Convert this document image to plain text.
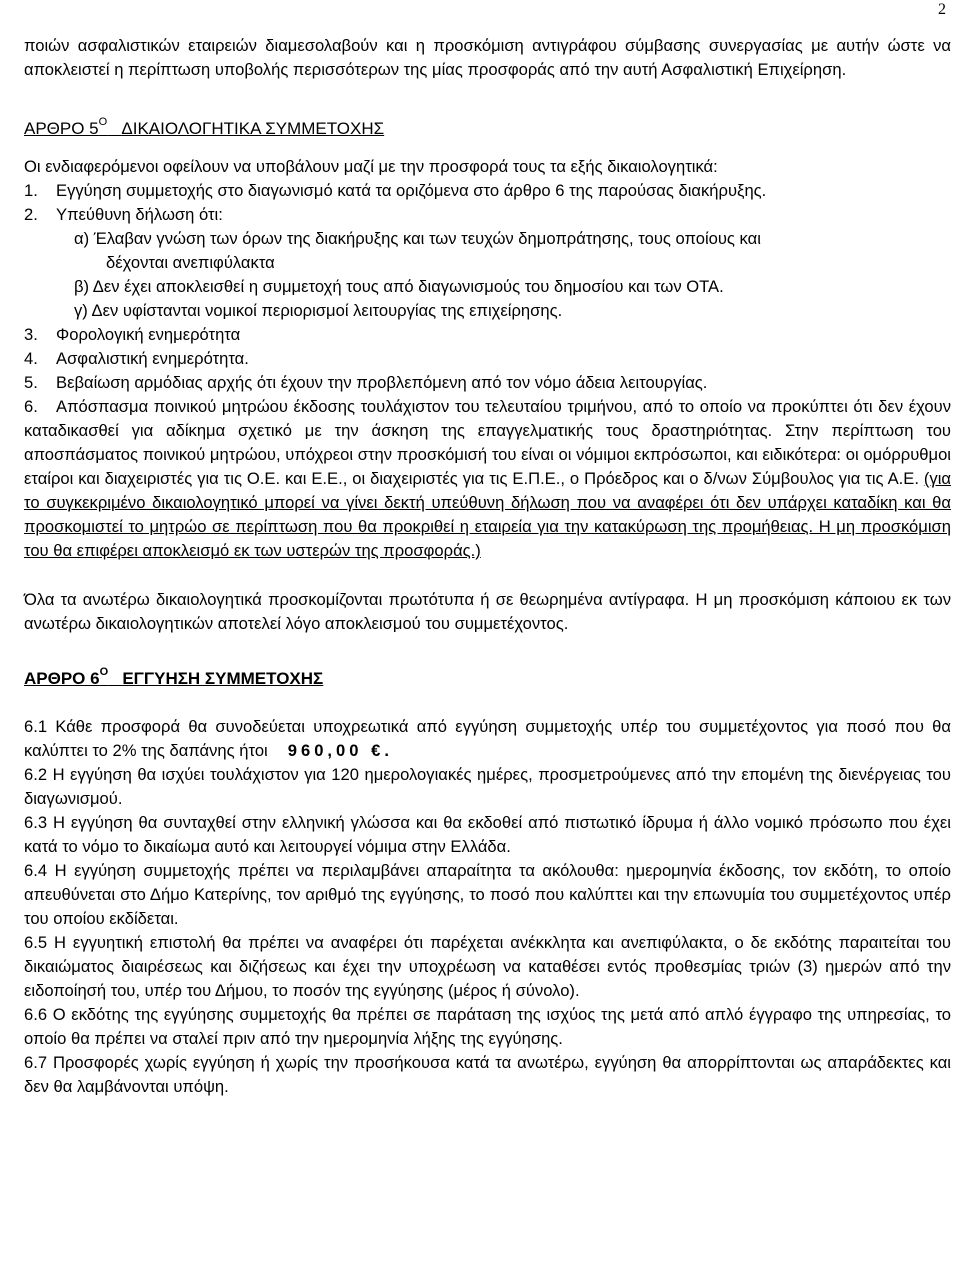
2

ποιών ασφαλιστικών εταιρειών διαμεσολαβούν και η προσκόμιση αντιγράφου σύμβασης συνεργασίας με αυτήν ώστε να αποκλειστεί η περίπτωση υποβολής περισσότερων της μίας προσφοράς από την αυτή Ασφαλιστική Επιχείρηση.

ΑΡΘΡΟ $5^O$ ΔΙΚΑΙΟΛΟΓΗΤΙΚΑ ΣΥΜΜΕΤΟΧΗΣ

Οι ενδιαφερόμενοι οφείλουν να υποβάλουν μαζί με την προσφορά τους τα εξής δικαιολογητικά:

1.	Εγγύηση συμμετοχής στο διαγωνισμό κατά τα οριζόμενα στο άρθρο 6 της παρούσας διακήρυξης.
2.	Υπεύθυνη δήλωση ότι:

α) Έλαβαν γνώση των όρων της διακήρυξης και των τευχών δημοπράτησης, τους οποίους και

δέχονται ανεπιφύλακτα

β) Δεν έχει αποκλεισθεί η συμμετοχή τους από διαγωνισμούς του δημοσίου και των ΟΤΑ.

γ) Δεν υφίστανται νομικοί περιορισμοί λειτουργίας της επιχείρησης.

3.	Φορολογική ενημερότητα
4.	Ασφαλιστική ενημερότητα.
5.	Βεβαίωση αρμόδιας αρχής ότι έχουν την προβλεπόμενη από τον νόμο άδεια λειτουργίας.

6. Απόσπασμα ποινικού μητρώου έκδοσης τουλάχιστον του τελευταίου τριμήνου, από το οποίο να προκύπτει ότι δεν έχουν καταδικασθεί για αδίκημα σχετικό με την άσκηση της επαγγελματικής τους δραστηριότητας. Στην περίπτωση του αποσπάσματος ποινικού μητρώου, υπόχρεοι στην προσκόμισή του είναι οι νόμιμοι εκπρόσωποι, και ειδικότερα: οι ομόρρυθμοι εταίροι και διαχειριστές για τις Ο.Ε. και Ε.Ε., οι διαχειριστές για τις Ε.Π.Ε., ο Πρόεδρος και ο δ/νων Σύμβουλος για τις Α.Ε. (για το συγκεκριμένο δικαιολογητικό μπορεί να γίνει δεκτή υπεύθυνη δήλωση που να αναφέρει ότι δεν υπάρχει καταδίκη και θα προσκομιστεί το μητρώο σε περίπτωση που θα προκριθεί η εταιρεία για την κατακύρωση της προμήθειας. Η μη προσκόμιση του θα επιφέρει αποκλεισμό εκ των υστερών της προσφοράς.)

Όλα τα ανωτέρω δικαιολογητικά προσκομίζονται πρωτότυπα ή σε θεωρημένα αντίγραφα. Η μη προσκόμιση κάποιου εκ των ανωτέρω δικαιολογητικών αποτελεί λόγο αποκλεισμού του συμμετέχοντος.

ΑΡΘΡΟ $6^O$ ΕΓΓΥΗΣΗ ΣΥΜΜΕΤΟΧΗΣ

6.1 Κάθε προσφορά θα συνοδεύεται υποχρεωτικά από εγγύηση συμμετοχής υπέρ του συμμετέχοντος για ποσό που θα καλύπτει το 2% της δαπάνης ήτοι 960,00 €.

6.2 Η εγγύηση θα ισχύει τουλάχιστον για 120 ημερολογιακές ημέρες, προσμετρούμενες από την επομένη της διενέργειας του διαγωνισμού.

6.3 Η εγγύηση θα συνταχθεί στην ελληνική γλώσσα και θα εκδοθεί από πιστωτικό ίδρυμα ή άλλο νομικό πρόσωπο που έχει κατά το νόμο το δικαίωμα αυτό και λειτουργεί νόμιμα στην Ελλάδα.

6.4 Η εγγύηση συμμετοχής πρέπει να περιλαμβάνει απαραίτητα τα ακόλουθα: ημερομηνία έκδοσης, τον εκδότη, το οποίο απευθύνεται στο Δήμο Κατερίνης, τον αριθμό της εγγύησης, το ποσό που καλύπτει και την επωνυμία του συμμετέχοντος υπέρ του οποίου εκδίδεται.

6.5 Η εγγυητική επιστολή θα πρέπει να αναφέρει ότι παρέχεται ανέκκλητα και ανεπιφύλακτα, ο δε εκδότης παραιτείται του δικαιώματος διαιρέσεως και διζήσεως και έχει την υποχρέωση να καταθέσει εντός προθεσμίας τριών (3) ημερών από την ειδοποίησή του, υπέρ του Δήμου, το ποσόν της εγγύησης (μέρος ή σύνολο).

6.6 Ο εκδότης της εγγύησης συμμετοχής θα πρέπει σε παράταση της ισχύος της μετά από απλό έγγραφο της υπηρεσίας, το οποίο θα πρέπει να σταλεί πριν από την ημερομηνία λήξης της εγγύησης.

6.7 Προσφορές χωρίς εγγύηση ή χωρίς την προσήκουσα κατά τα ανωτέρω, εγγύηση θα απορρίπτονται ως απαράδεκτες και δεν θα λαμβάνονται υπόψη.
